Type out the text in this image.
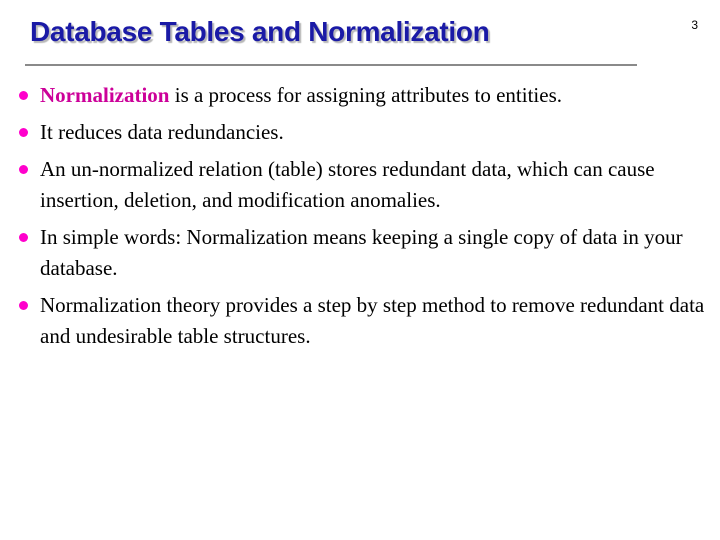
3
Database Tables and Normalization
Normalization is a process for assigning attributes to entities.
It reduces data redundancies.
An un-normalized relation (table) stores redundant data, which can cause insertion, deletion, and modification anomalies.
In simple words: Normalization means keeping a single copy of data in your database.
Normalization theory provides a step by step method to remove redundant data and undesirable table structures.
